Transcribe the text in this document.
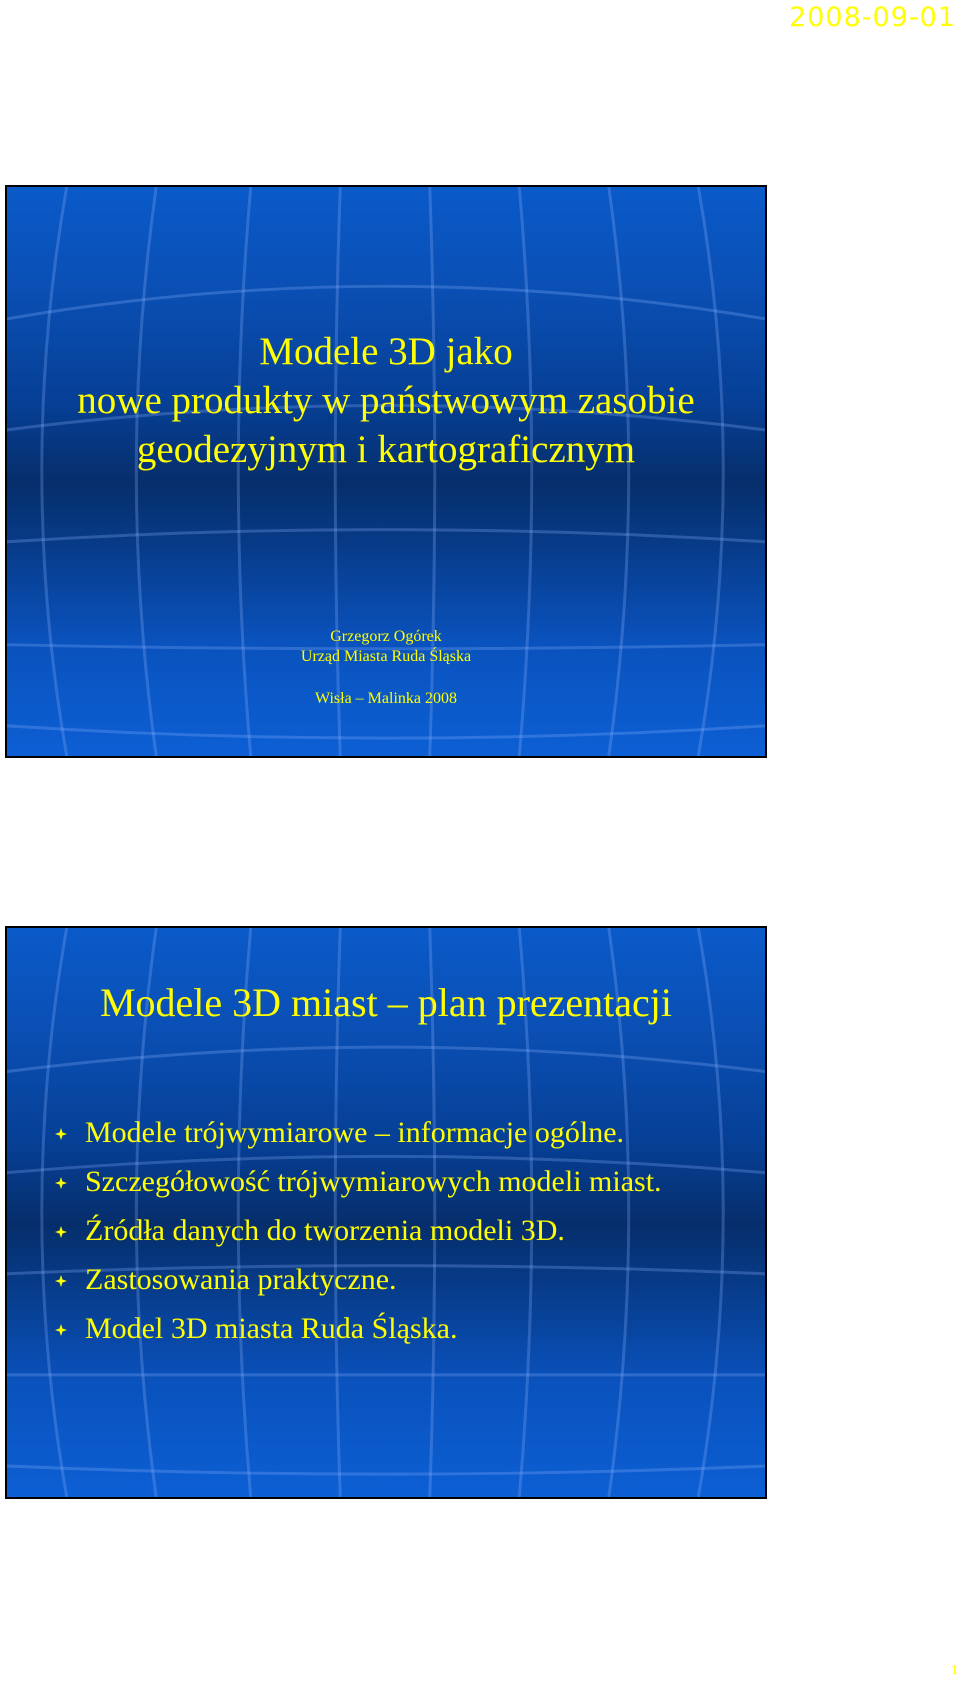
2008-09-01
Modele 3D jako
nowe produkty w państwowym zasobie
geodezyjnym i kartograficznym
Grzegorz Ogórek
Urząd Miasta Ruda Śląska
Wisła – Malinka 2008
Modele 3D miast – plan prezentacji
Modele trójwymiarowe – informacje ogólne.
Szczegółowość trójwymiarowych modeli miast.
Źródła danych do tworzenia modeli 3D.
Zastosowania praktyczne.
Model 3D miasta Ruda Śląska.
1
